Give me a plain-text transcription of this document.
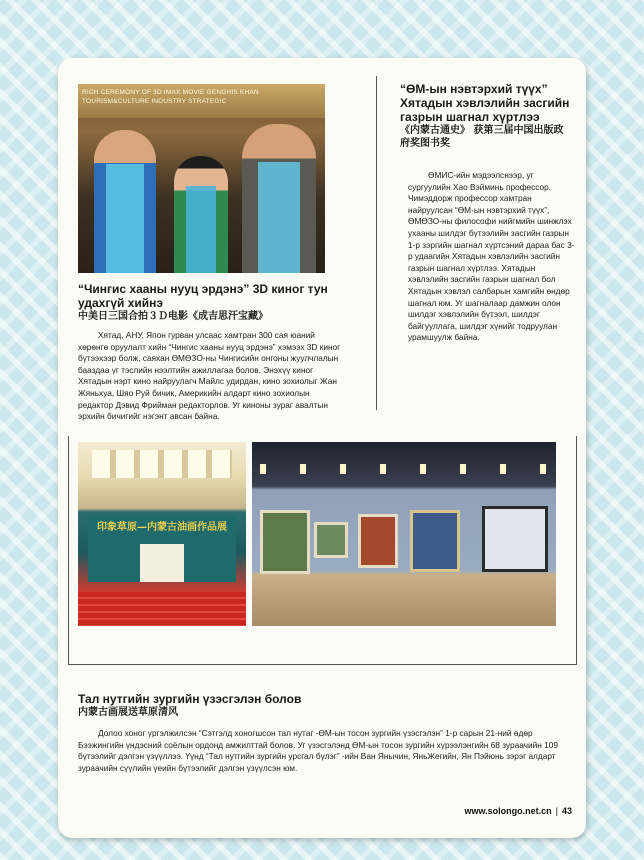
RICH CEREMONY OF 3D IMAX MOVIE GENGHIS KHAN TOURISM&CULTURE INDUSTRY STRATEGIC

“Чингис хааны нууц эрдэнэ” 3D киног тун удахгүй хийнэ

中美日三国合拍３Ｄ电影《成吉思汗宝藏》

Хятад, АНУ, Япон гурван улсаас хамтран 300 сая юаний хөрөнгө оруулалт хийн “Чингис хааны нууц эрдэнэ” хэмээх 3D киног бүтээхээр болж, саяхан ӨМӨЗО-ны Чингисийн онгоны жуулчлалын бааздаа үг тэслийн нээлтийн ажиллагаа болов. Энэхүү киног Хятадын нэрт кино найруулагч Майлс удирдан, кино зохиолыг Жан Жяньхуа, Шяо Руй бичик, Америкийн алдарт кино зохиолын редактор Дэвид Фрийман редакторлов. Уг киноны зураг авалтын эрхийн бичигийг нэгэнт авсан байна.

“ӨМ-ын нэвтэрхий түүх” Хятадын хэвлэлийн засгийн газрын шагнал хүртлээ

《内蒙古通史》 获第三届中国出版政府奖图书奖

ӨМИС-ийн мэдээлснээр, уг сургуулийн Хао Вэйминь профессор, Чимэддорж профессор хамтран найруулсан “ӨМ-ын нэвтэрхий түүх”, ӨМӨЗО-ны философи нийгмийн шинжлэх ухааны шилдэг бүтээлийн засгийн газрын 1-р зэргийн шагнал хүртсэний дараа бас 3-р удаагийн Хятадын хэвлэлийн засгийн газрын шагнал хүртлээ. Хятадын хэвлэлийн засгийн газрын шагнал бол Хятадын хэвлэл салбарын хамгийн өндөр шагнал юм. Уг шагналаар дамжин олон шилдэг хэвлэлийн бүтээл, шилдэг байгууллага, шилдэг хүнийг тодруулан урамшуулж байна.

印象草原—内蒙古油画作品展

Тал нутгийн зургийн үзэсгэлэн болов

内蒙古画展送草原清风

Долоо хоног үргэлжилсэн “Сэтгэлд хоногшсон тал нутаг -ӨМ-ын тосон зургийн үзэсгэлэн” 1-р сарын 21-ний өдөр Бээжингийн үндэсний соёлын ордонд амжилттай болов. Уг үзэсгэлэнд ӨМ-ын тосон зургийн хүрээлэнгийн 68 зураачийн 109 бүтээлийг дэлгэн үзүүллээ. Үүнд “Тал нутгийн зургийн урсгал бүлэг” -ийн Ван Янычин, ЯньЖегийн, Ян Пэйюнь зэрэг алдарт зураачийн сүүлийн үеийн бүтээлийг дэлгэн үзүүлсэн юм.

www.solongo.net.cn | 43
